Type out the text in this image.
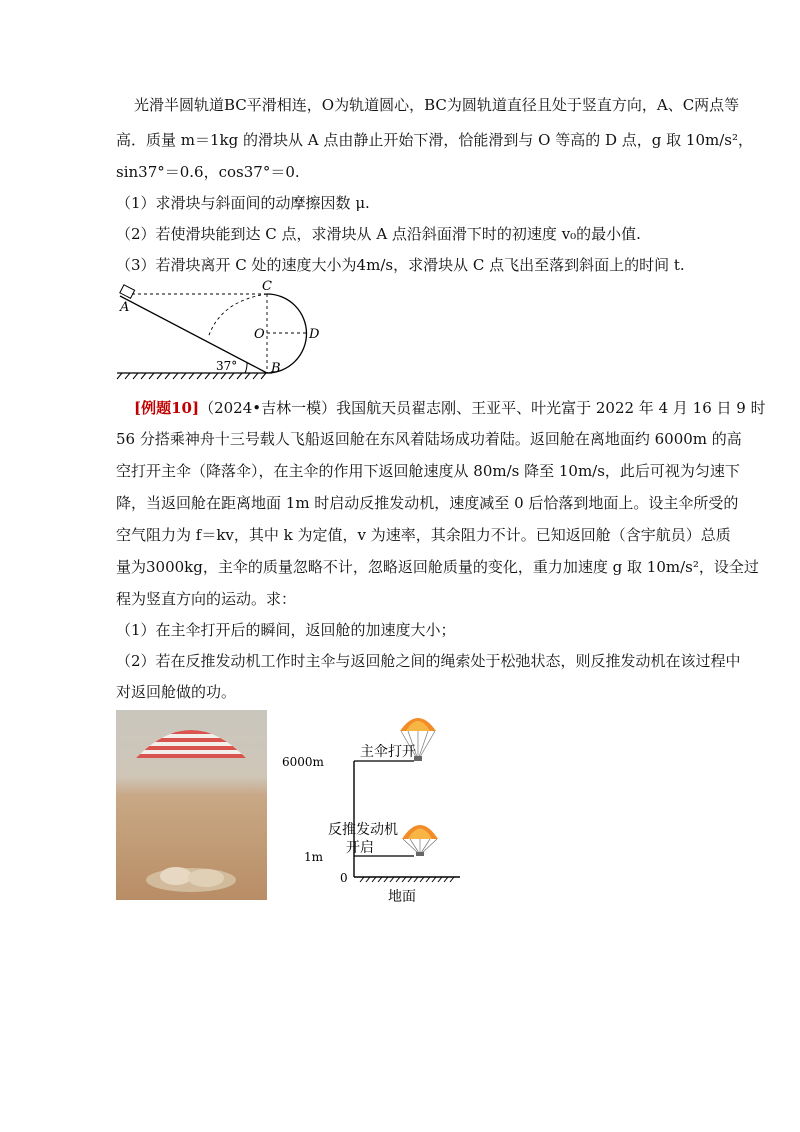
光滑半圆轨道BC平滑相连，O为轨道圆心，BC为圆轨道直径且处于竖直方向，A、C两点等
高．质量 m＝1kg 的滑块从 A 点由静止开始下滑，恰能滑到与 O 等高的 D 点，g 取 10m/s²，
sin37°＝0.6，cos37°＝0.
（1）求滑块与斜面间的动摩擦因数 μ.
（2）若使滑块能到达 C 点，求滑块从 A 点沿斜面滑下时的初速度 v₀的最小值.
（3）若滑块离开 C 处的速度大小为4m/s，求滑块从 C 点飞出至落到斜面上的时间 t.
A
C
O	D
B
37°
[例题10]（2024•吉林一模）我国航天员翟志刚、王亚平、叶光富于 2022 年 4 月 16 日 9 时
56 分搭乘神舟十三号载人飞船返回舱在东风着陆场成功着陆。返回舱在离地面约 6000m 的高
空打开主伞（降落伞），在主伞的作用下返回舱速度从 80m/s 降至 10m/s，此后可视为匀速下
降，当返回舱在距离地面 1m 时启动反推发动机，速度减至 0 后恰落到地面上。设主伞所受的
空气阻力为 f＝kv，其中 k 为定值，v 为速率，其余阻力不计。已知返回舱（含宇航员）总质
量为3000kg，主伞的质量忽略不计，忽略返回舱质量的变化，重力加速度 g 取 10m/s²，设全过
程为竖直方向的运动。求：
（1）在主伞打开后的瞬间，返回舱的加速度大小；
（2）若在反推发动机工作时主伞与返回舱之间的绳索处于松弛状态，则反推发动机在该过程中
对返回舱做的功。
6000m
1m
0
主伞打开
反推发动机
开启
地面
